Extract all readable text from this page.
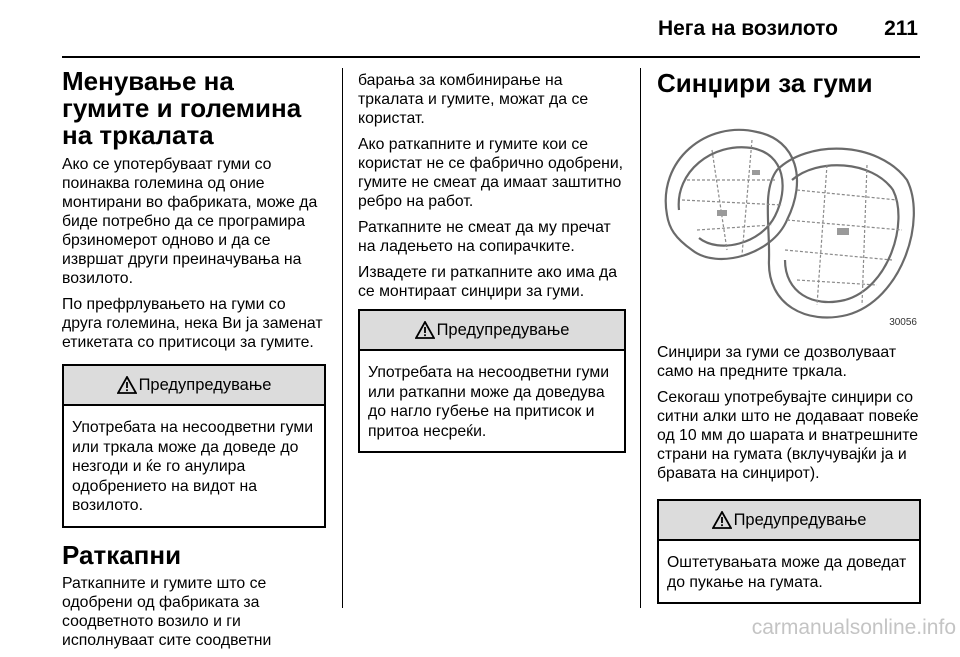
Нега на возилото 211
Менување на гумите и големина на тркалата

Ако се употербуваат гуми со поинаква големина од оние монтирани во фабриката, може да биде потребно да се програмира брзиномерот одново и да се извршат други преиначувања на возилото.

По префрлувањето на гуми со друга големина, нека Ви ја заменат етикетата со притисоци за гумите.

Предупредување
Употребата на несоодветни гуми или тркала може да доведе до незгоди и ќе го анулира одобрението на видот на возилото.
Раткапни

Раткапните и гумите што се одобрени од фабриката за соодветното возило и ги исполнуваат сите соодветни

барања за комбинирање на тркалата и гумите, можат да се користат.

Ако раткапните и гумите кои се користат не се фабрично одобрени, гумите не смеат да имаат заштитно ребро на работ.

Раткапните не смеат да му пречат на ладењето на сопирачките.

Извадете ги раткапните ако има да се монтираат синџири за гуми.

Предупредување
Употребата на несоодветни гуми или раткапни може да доведува до нагло губење на притисок и притоа несреќи.
Синџири за гуми
30056

Синџири за гуми се дозволуваат само на предните тркала.

Секогаш употребувајте синџири со ситни алки што не додаваат повеќе од 10 мм до шарата и внатрешните страни на гумата (вклучувајќи ја и бравата на синџирот).

Предупредување
Оштетувањата може да доведат до пукање на гумата.
carmanualsonline.info
